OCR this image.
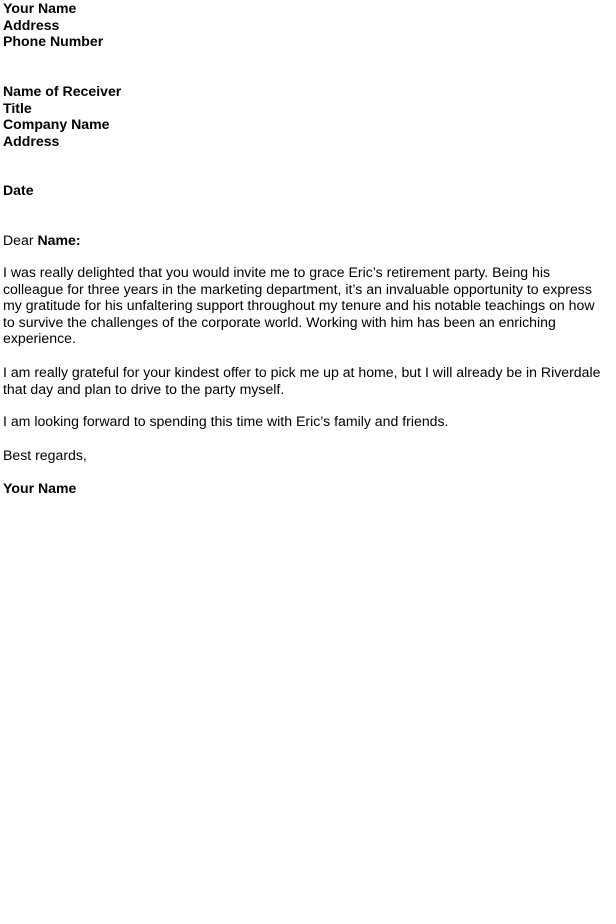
Your Name
Address
Phone Number
Name of Receiver
Title
Company Name
Address
Date
Dear Name:
I was really delighted that you would invite me to grace Eric’s retirement party. Being his
colleague for three years in the marketing department, it’s an invaluable opportunity to express
my gratitude for his unfaltering support throughout my tenure and his notable teachings on how
to survive the challenges of the corporate world. Working with him has been an enriching
experience.
I am really grateful for your kindest offer to pick me up at home, but I will already be in Riverdale
that day and plan to drive to the party myself.
I am looking forward to spending this time with Eric’s family and friends.
Best regards,
Your Name
